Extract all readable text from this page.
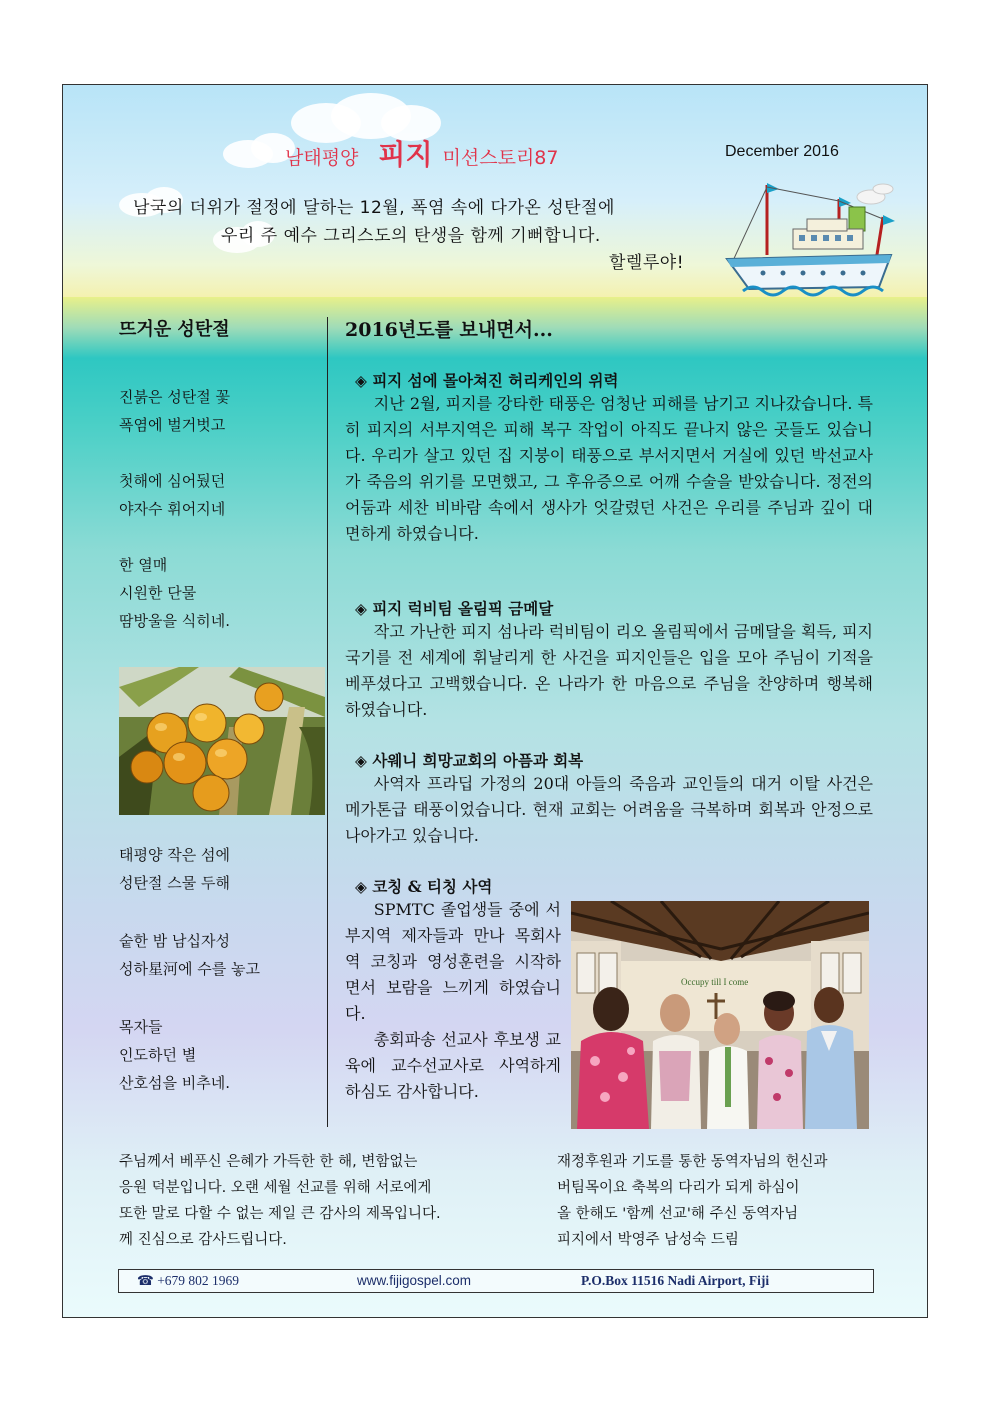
남태평양 피지 미션스토리87	December 2016
남국의 더위가 절정에 달하는 12월, 폭염 속에 다가온 성탄절에
우리 주 예수 그리스도의 탄생을 함께 기뻐합니다.
할렐루야!
뜨거운 성탄절
진붉은 성탄절 꽃
폭염에 벌거벗고
첫해에 심어뒀던
야자수 휘어지네
한 열매
시원한 단물
땀방울을 식히네.
태평양 작은 섬에
성탄절 스물 두해
숱한 밤 남십자성
성하星河에 수를 놓고
목자들
인도하던 별
산호섬을 비추네.
2016년도를 보내면서...
◈ 피지 섬에 몰아쳐진 허리케인의 위력
지난 2월, 피지를 강타한 태풍은 엄청난 피해를 남기고 지나갔습니다. 특히 피지의 서부지역은 피해 복구 작업이 아직도 끝나지 않은 곳들도 있습니다. 우리가 살고 있던 집 지붕이 태풍으로 부서지면서 거실에 있던 박선교사가 죽음의 위기를 모면했고, 그 후유증으로 어깨 수술을 받았습니다. 정전의 어둠과 세찬 비바람 속에서 생사가 엇갈렸던 사건은 우리를 주님과 깊이 대면하게 하였습니다.
◈ 피지 럭비팀 올림픽 금메달
작고 가난한 피지 섬나라 럭비팀이 리오 올림픽에서 금메달을 획득, 피지 국기를 전 세계에 휘날리게 한 사건을 피지인들은 입을 모아 주님이 기적을 베푸셨다고 고백했습니다. 온 나라가 한 마음으로 주님을 찬양하며 행복해 하였습니다.
◈ 사웨니 희망교회의 아픔과 회복
사역자 프라딥 가정의 20대 아들의 죽음과 교인들의 대거 이탈 사건은 메가톤급 태풍이었습니다. 현재 교회는 어려움을 극복하며 회복과 안정으로 나아가고 있습니다.
◈ 코칭 & 티칭 사역
SPMTC 졸업생들 중에 서부지역 제자들과 만나 목회사역 코칭과 영성훈련을 시작하면서 보람을 느끼게 하였습니다.
총회파송 선교사 후보생 교육에 교수선교사로 사역하게 하심도 감사합니다.
Occupy till I come
주님께서 베푸신 은혜가 가득한 한 해, 변함없는
응원 덕분입니다. 오랜 세월 선교를 위해 서로에게
또한 말로 다할 수 없는 제일 큰 감사의 제목입니다.
께 진심으로 감사드립니다.
재정후원과 기도를 통한 동역자님의 헌신과
버팀목이요 축복의 다리가 되게 하심이
올 한해도 '함께 선교'해 주신 동역자님
피지에서 박영주 남성숙 드림
☎ +679 802 1969	www.fijigospel.com	P.O.Box 11516 Nadi Airport, Fiji
